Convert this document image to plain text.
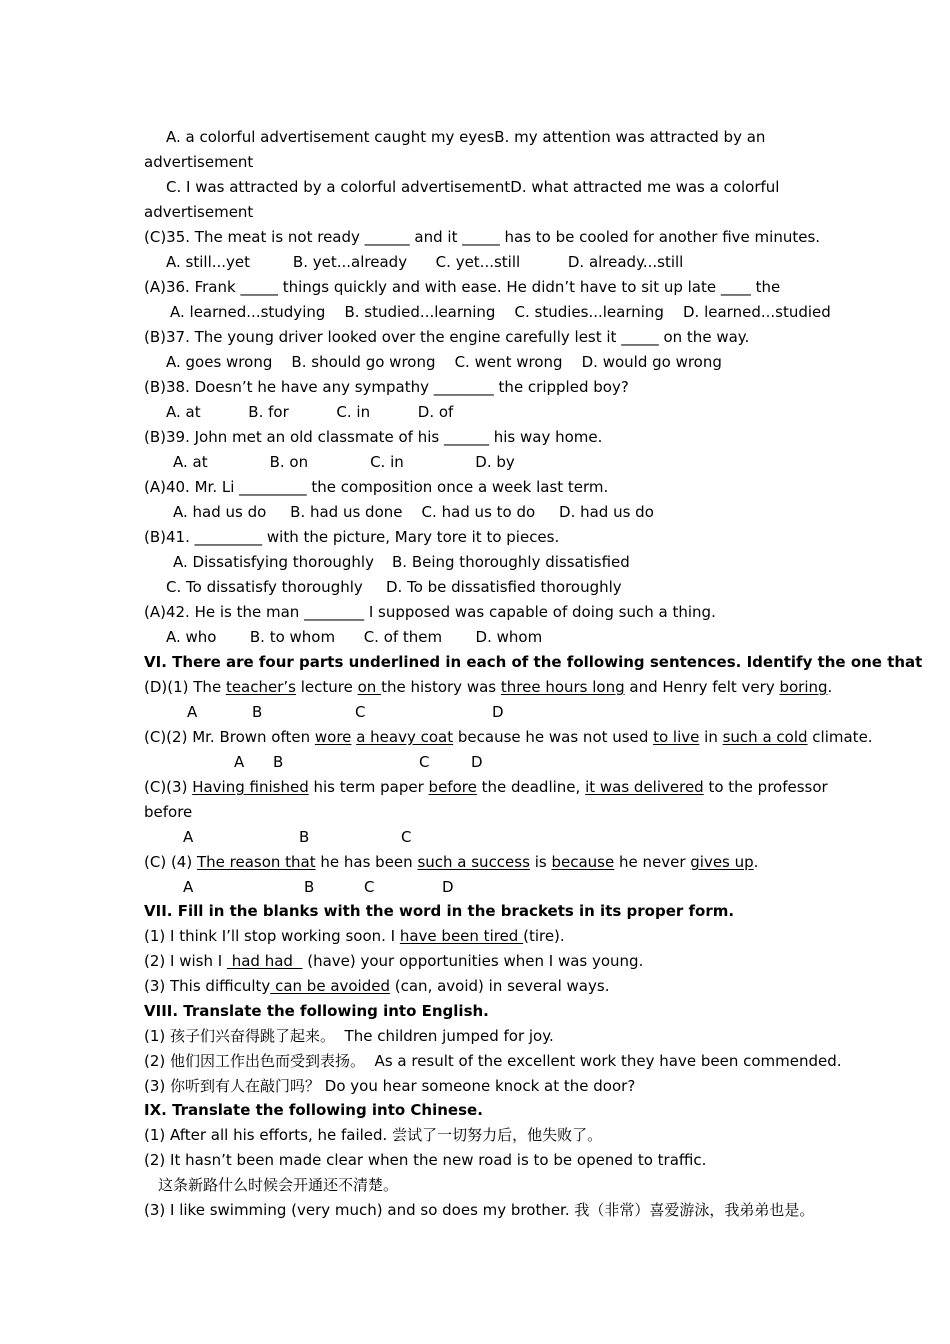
A. a colorful advertisement caught my eyesB. my attention was attracted by an
advertisement
C. I was attracted by a colorful advertisementD. what attracted me was a colorful
advertisement
(C)35. The meat is not ready ______ and it _____ has to be cooled for another five minutes.
A. still...yet         B. yet...already      C. yet...still          D. already...still
(A)36. Frank _____ things quickly and with ease. He didn’t have to sit up late ____ the
A. learned...studying    B. studied...learning    C. studies...learning    D. learned...studied
(B)37. The young driver looked over the engine carefully lest it _____ on the way.
A. goes wrong    B. should go wrong    C. went wrong    D. would go wrong
(B)38. Doesn’t he have any sympathy ________ the crippled boy?
A. at          B. for          C. in          D. of
(B)39. John met an old classmate of his ______ his way home.
A. at             B. on             C. in               D. by
(A)40. Mr. Li _________ the composition once a week last term.
A. had us do     B. had us done    C. had us to do     D. had us do
(B)41. _________ with the picture, Mary tore it to pieces.
A. Dissatisfying thoroughly B. Being thoroughly dissatisfied
C. To dissatisfy thoroughly D. To be dissatisfied thoroughly
(A)42. He is the man ________ I supposed was capable of doing such a thing.
A. who       B. to whom      C. of them       D. whom
VI. There are four parts underlined in each of the following sentences. Identify the one that
(D)(1) The teacher’s lecture on the history was three hours long and Henry felt very boring.
A	B	C	D
(C)(2) Mr. Brown often wore a heavy coat because he was not used to live in such a cold climate.
A B	C	D
(C)(3) Having finished his term paper before the deadline, it was delivered to the professor
before
A	B	C
(C) (4) The reason that he has been such a success is because he never gives up.
A	B	C	D
VII. Fill in the blanks with the word in the brackets in its proper form.
(1) I think I’ll stop working soon. I have been tired (tire).
(2) I wish I  had had   (have) your opportunities when I was young.
(3) This difficulty can be avoided (can, avoid) in several ways.
VIII. Translate the following into English.
(1) 孩子们兴奋得跳了起来。  The children jumped for joy.
(2) 他们因工作出色而受到表扬。  As a result of the excellent work they have been commended.
(3) 你听到有人在敲门吗？ Do you hear someone knock at the door?
IX. Translate the following into Chinese.
(1) After all his efforts, he failed. 尝试了一切努力后，他失败了。
(2) It hasn’t been made clear when the new road is to be opened to traffic.
这条新路什么时候会开通还不清楚。
(3) I like swimming (very much) and so does my brother. 我（非常）喜爱游泳，我弟弟也是。
